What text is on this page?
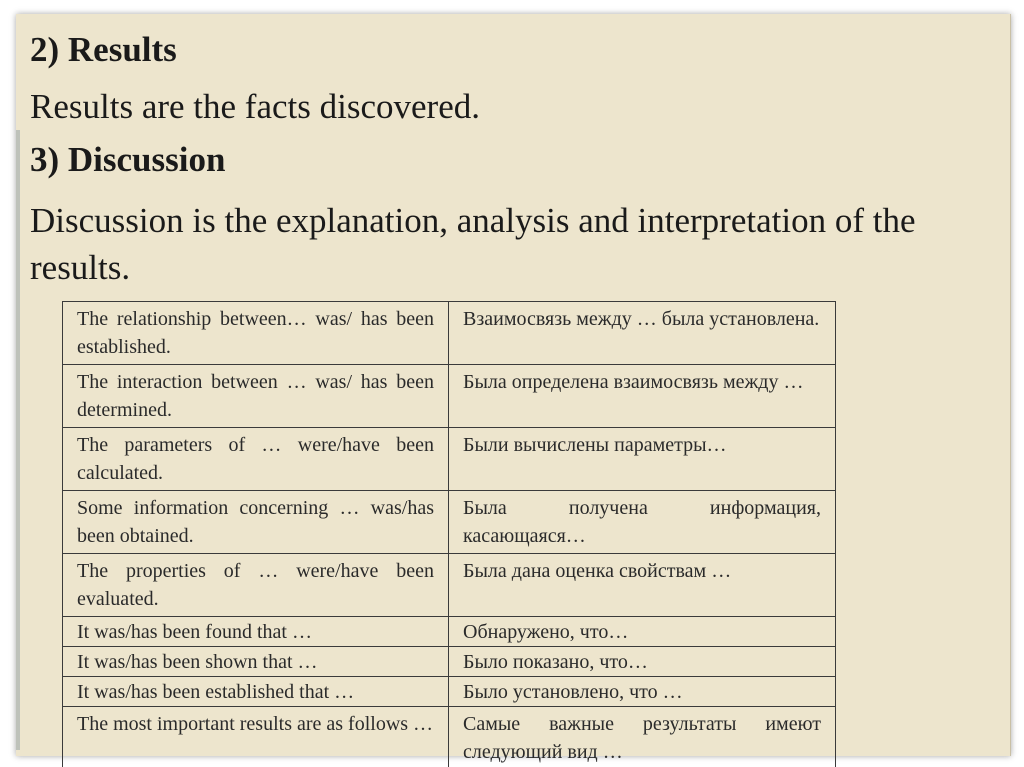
2) Results

Results are the facts discovered.

3) Discussion

Discussion is the explanation, analysis and interpretation of the results.

The relationship between… was/ has been established.	Взаимосвязь между … была установлена.
The interaction between … was/ has been determined.	Была определена взаимосвязь между …
The parameters of … were/have been calculated.	Были вычислены параметры…
Some information concerning … was/has been obtained.	Была получена информация, касающаяся…
The properties of … were/have been evaluated.	Была дана оценка свойствам …
It was/has been found that …	Обнаружено, что…
It was/has been shown that …	Было показано, что…
It was/has been established that …	Было установлено, что …
The most important results are as follows …	Самые важные результаты имеют следующий вид …
